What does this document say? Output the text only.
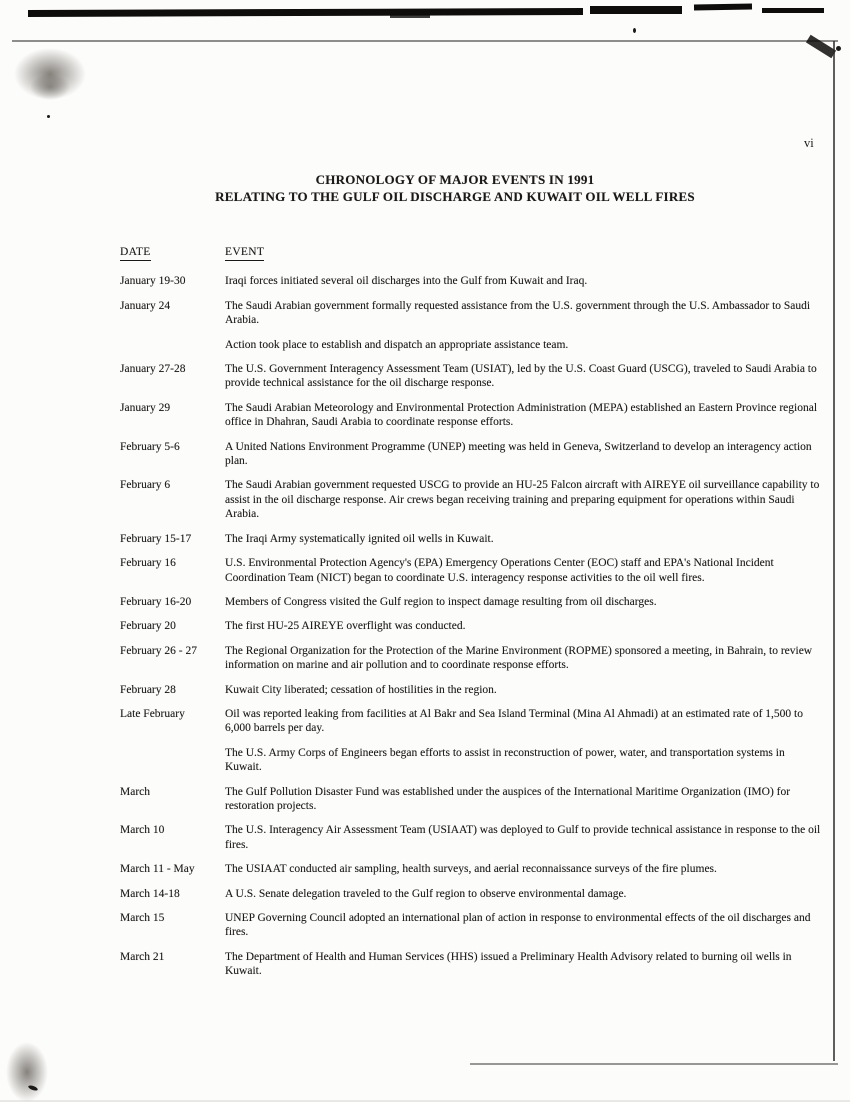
vi
CHRONOLOGY OF MAJOR EVENTS IN 1991
RELATING TO THE GULF OIL DISCHARGE AND KUWAIT OIL WELL FIRES
DATE	EVENT
January 19-30	Iraqi forces initiated several oil discharges into the Gulf from Kuwait and Iraq.
January 24	The Saudi Arabian government formally requested assistance from the U.S. government through the U.S. Ambassador to Saudi Arabia.
Action took place to establish and dispatch an appropriate assistance team.
January 27-28	The U.S. Government Interagency Assessment Team (USIAT), led by the U.S. Coast Guard (USCG), traveled to Saudi Arabia to provide technical assistance for the oil discharge response.
January 29	The Saudi Arabian Meteorology and Environmental Protection Administration (MEPA) established an Eastern Province regional office in Dhahran, Saudi Arabia to coordinate response efforts.
February 5-6	A United Nations Environment Programme (UNEP) meeting was held in Geneva, Switzerland to develop an interagency action plan.
February 6	The Saudi Arabian government requested USCG to provide an HU-25 Falcon aircraft with AIREYE oil surveillance capability to assist in the oil discharge response. Air crews began receiving training and preparing equipment for operations within Saudi Arabia.
February 15-17	The Iraqi Army systematically ignited oil wells in Kuwait.
February 16	U.S. Environmental Protection Agency's (EPA) Emergency Operations Center (EOC) staff and EPA's National Incident Coordination Team (NICT) began to coordinate U.S. interagency response activities to the oil well fires.
February 16-20	Members of Congress visited the Gulf region to inspect damage resulting from oil discharges.
February 20	The first HU-25 AIREYE overflight was conducted.
February 26 - 27	The Regional Organization for the Protection of the Marine Environment (ROPME) sponsored a meeting, in Bahrain, to review information on marine and air pollution and to coordinate response efforts.
February 28	Kuwait City liberated; cessation of hostilities in the region.
Late February	Oil was reported leaking from facilities at Al Bakr and Sea Island Terminal (Mina Al Ahmadi) at an estimated rate of 1,500 to 6,000 barrels per day.
The U.S. Army Corps of Engineers began efforts to assist in reconstruction of power, water, and transportation systems in Kuwait.
March	The Gulf Pollution Disaster Fund was established under the auspices of the International Maritime Organization (IMO) for restoration projects.
March 10	The U.S. Interagency Air Assessment Team (USIAAT) was deployed to Gulf to provide technical assistance in response to the oil fires.
March 11 - May	The USIAAT conducted air sampling, health surveys, and aerial reconnaissance surveys of the fire plumes.
March 14-18	A U.S. Senate delegation traveled to the Gulf region to observe environmental damage.
March 15	UNEP Governing Council adopted an international plan of action in response to environmental effects of the oil discharges and fires.
March 21	The Department of Health and Human Services (HHS) issued a Preliminary Health Advisory related to burning oil wells in Kuwait.
